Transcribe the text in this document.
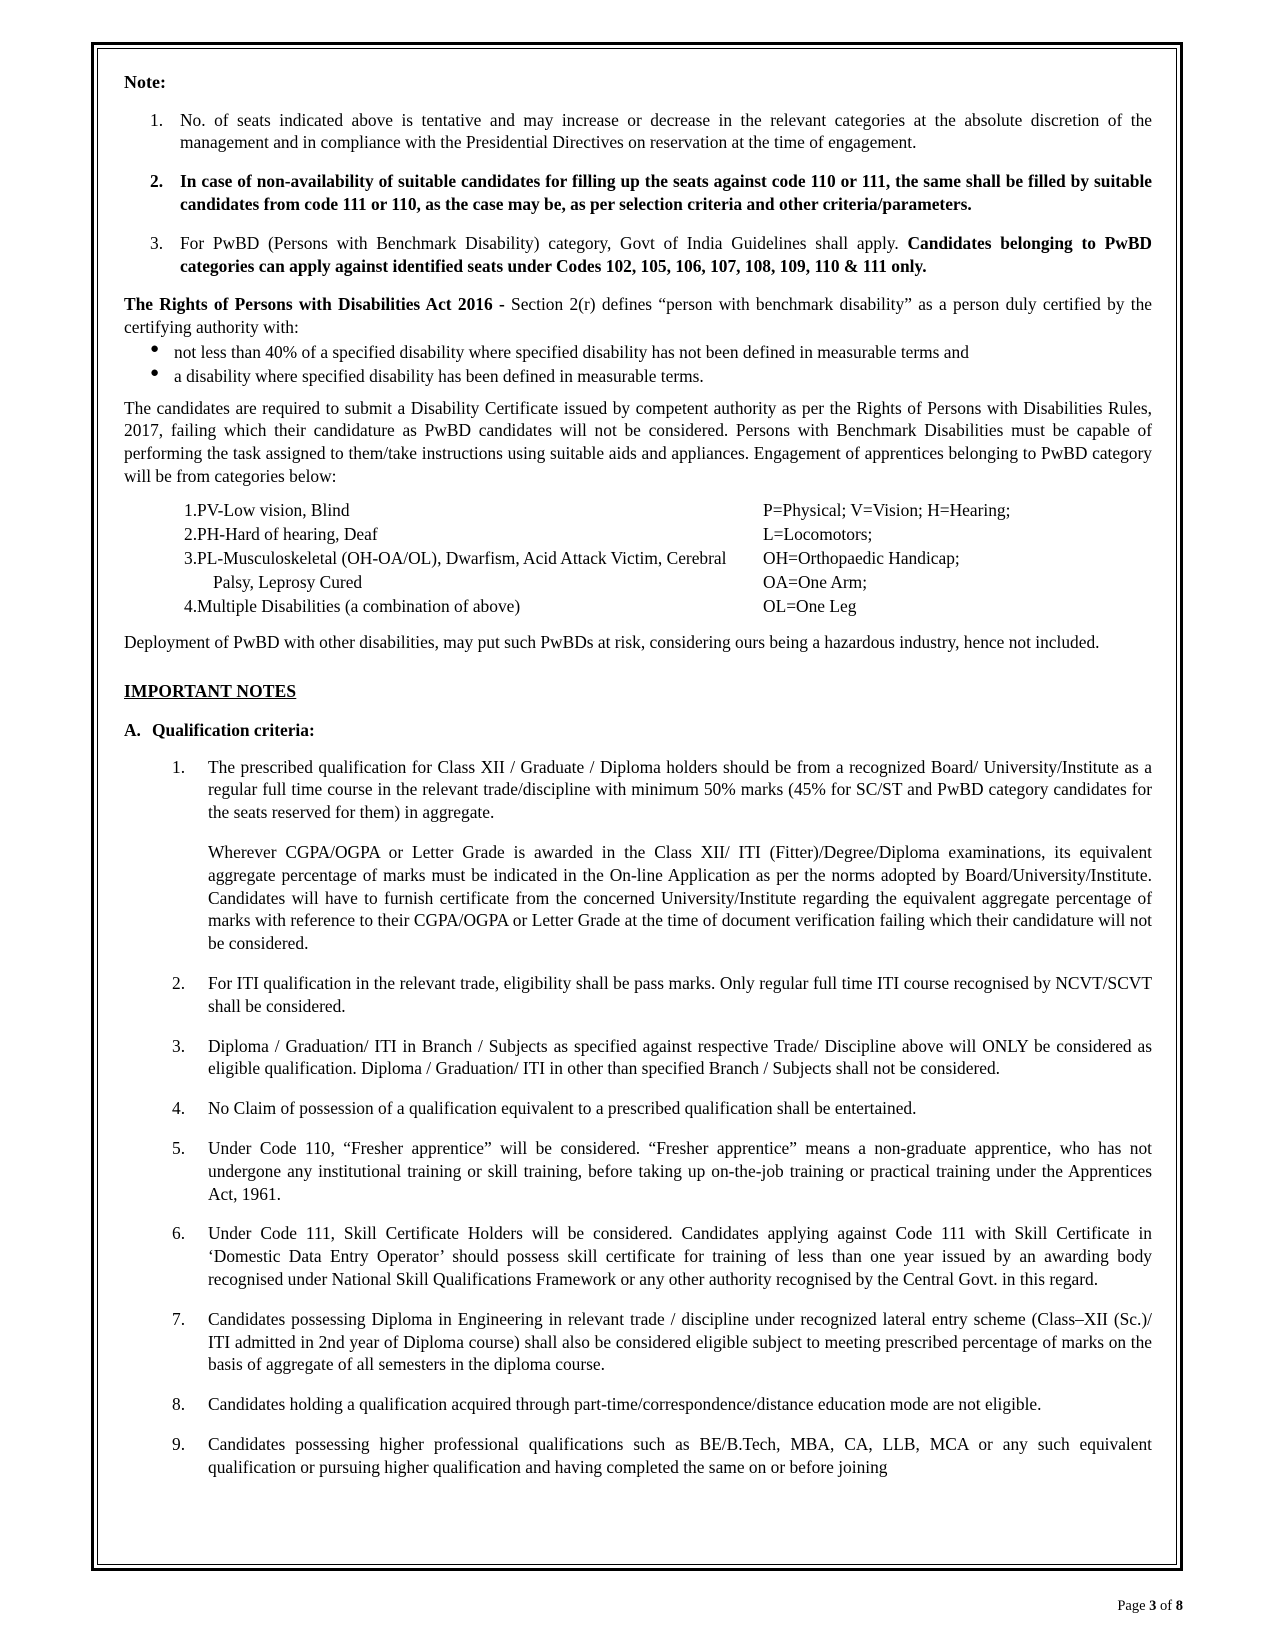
Note:
1. No. of seats indicated above is tentative and may increase or decrease in the relevant categories at the absolute discretion of the management and in compliance with the Presidential Directives on reservation at the time of engagement.
2. In case of non-availability of suitable candidates for filling up the seats against code 110 or 111, the same shall be filled by suitable candidates from code 111 or 110, as the case may be, as per selection criteria and other criteria/parameters.
3. For PwBD (Persons with Benchmark Disability) category, Govt of India Guidelines shall apply. Candidates belonging to PwBD categories can apply against identified seats under Codes 102, 105, 106, 107, 108, 109, 110 & 111 only.
The Rights of Persons with Disabilities Act 2016 - Section 2(r) defines “person with benchmark disability” as a person duly certified by the certifying authority with:
● not less than 40% of a specified disability where specified disability has not been defined in measurable terms and
● a disability where specified disability has been defined in measurable terms.
The candidates are required to submit a Disability Certificate issued by competent authority as per the Rights of Persons with Disabilities Rules, 2017, failing which their candidature as PwBD candidates will not be considered. Persons with Benchmark Disabilities must be capable of performing the task assigned to them/take instructions using suitable aids and appliances. Engagement of apprentices belonging to PwBD category will be from categories below:
1.	PV-Low vision, Blind	P=Physical; V=Vision; H=Hearing;
2.	PH-Hard of hearing, Deaf	L=Locomotors;
3.	PL-Musculoskeletal (OH-OA/OL), Dwarfism, Acid Attack Victim, Cerebral	OH=Orthopaedic Handicap;
	Palsy, Leprosy Cured	OA=One Arm;
4.	Multiple Disabilities (a combination of above)	OL=One Leg
Deployment of PwBD with other disabilities, may put such PwBDs at risk, considering ours being a hazardous industry, hence not included.
IMPORTANT NOTES
A. Qualification criteria:
1.	The prescribed qualification for Class XII / Graduate / Diploma holders should be from a recognized Board/ University/Institute as a regular full time course in the relevant trade/discipline with minimum 50% marks (45% for SC/ST and PwBD category candidates for the seats reserved for them) in aggregate.
Wherever CGPA/OGPA or Letter Grade is awarded in the Class XII/ ITI (Fitter)/Degree/Diploma examinations, its equivalent aggregate percentage of marks must be indicated in the On-line Application as per the norms adopted by Board/University/Institute. Candidates will have to furnish certificate from the concerned University/Institute regarding the equivalent aggregate percentage of marks with reference to their CGPA/OGPA or Letter Grade at the time of document verification failing which their candidature will not be considered.
2.	For ITI qualification in the relevant trade, eligibility shall be pass marks. Only regular full time ITI course recognised by NCVT/SCVT shall be considered.
3.	Diploma / Graduation/ ITI in Branch / Subjects as specified against respective Trade/ Discipline above will ONLY be considered as eligible qualification. Diploma / Graduation/ ITI in other than specified Branch / Subjects shall not be considered.
4.	No Claim of possession of a qualification equivalent to a prescribed qualification shall be entertained.
5.	Under Code 110, “Fresher apprentice” will be considered. “Fresher apprentice” means a non-graduate apprentice, who has not undergone any institutional training or skill training, before taking up on-the-job training or practical training under the Apprentices Act, 1961.
6.	Under Code 111, Skill Certificate Holders will be considered. Candidates applying against Code 111 with Skill Certificate in ‘Domestic Data Entry Operator’ should possess skill certificate for training of less than one year issued by an awarding body recognised under National Skill Qualifications Framework or any other authority recognised by the Central Govt. in this regard.
7.	Candidates possessing Diploma in Engineering in relevant trade / discipline under recognized lateral entry scheme (Class–XII (Sc.)/ ITI admitted in 2nd year of Diploma course) shall also be considered eligible subject to meeting prescribed percentage of marks on the basis of aggregate of all semesters in the diploma course.
8.	Candidates holding a qualification acquired through part-time/correspondence/distance education mode are not eligible.
9.	Candidates possessing higher professional qualifications such as BE/B.Tech, MBA, CA, LLB, MCA or any such equivalent qualification or pursuing higher qualification and having completed the same on or before joining
Page 3 of 8
